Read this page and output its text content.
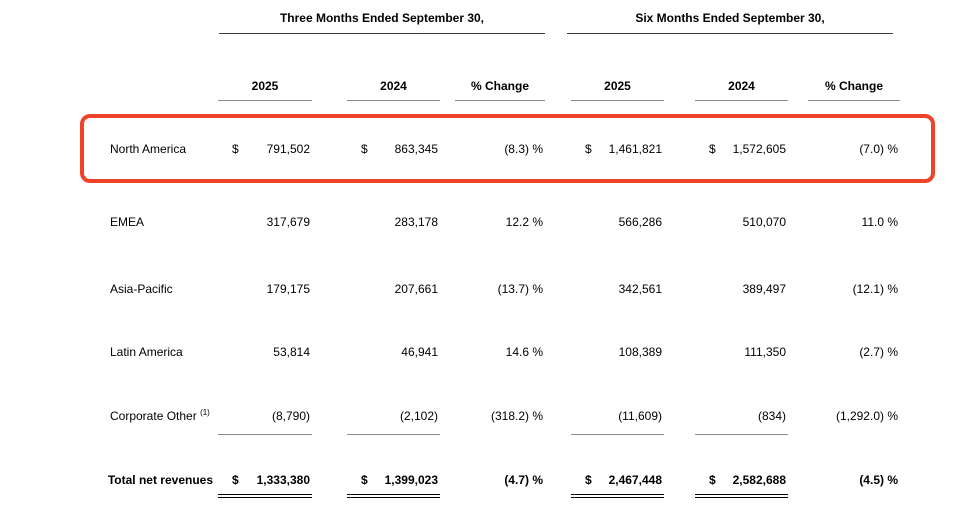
Three Months Ended September 30,	Six Months Ended September 30,
2025	2024	% Change	2025	2024	% Change
North America	$ 791,502	$ 863,345	(8.3) %	$ 1,461,821	$ 1,572,605	(7.0) %
EMEA	317,679	283,178	12.2 %	566,286	510,070	11.0 %
Asia-Pacific	179,175	207,661	(13.7) %	342,561	389,497	(12.1) %
Latin America	53,814	46,941	14.6 %	108,389	111,350	(2.7) %
Corporate Other $^{(1)}$	(8,790)	(2,102)	(318.2) %	(11,609)	(834)	(1,292.0) %
Total net revenues	$ 1,333,380	$ 1,399,023	(4.7) %	$ 2,467,448	$ 2,582,688	(4.5) %
